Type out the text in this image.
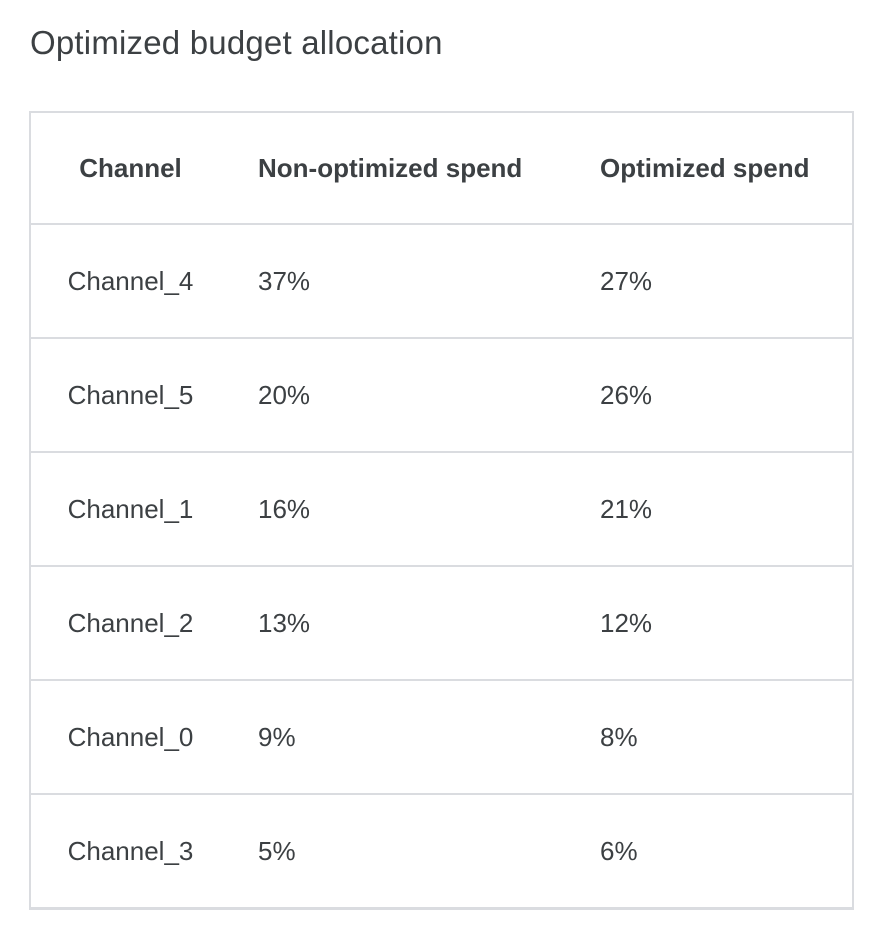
Optimized budget allocation
Channel	Non-optimized spend	Optimized spend
Channel_4	37%	27%
Channel_5	20%	26%
Channel_1	16%	21%
Channel_2	13%	12%
Channel_0	9%	8%
Channel_3	5%	6%
